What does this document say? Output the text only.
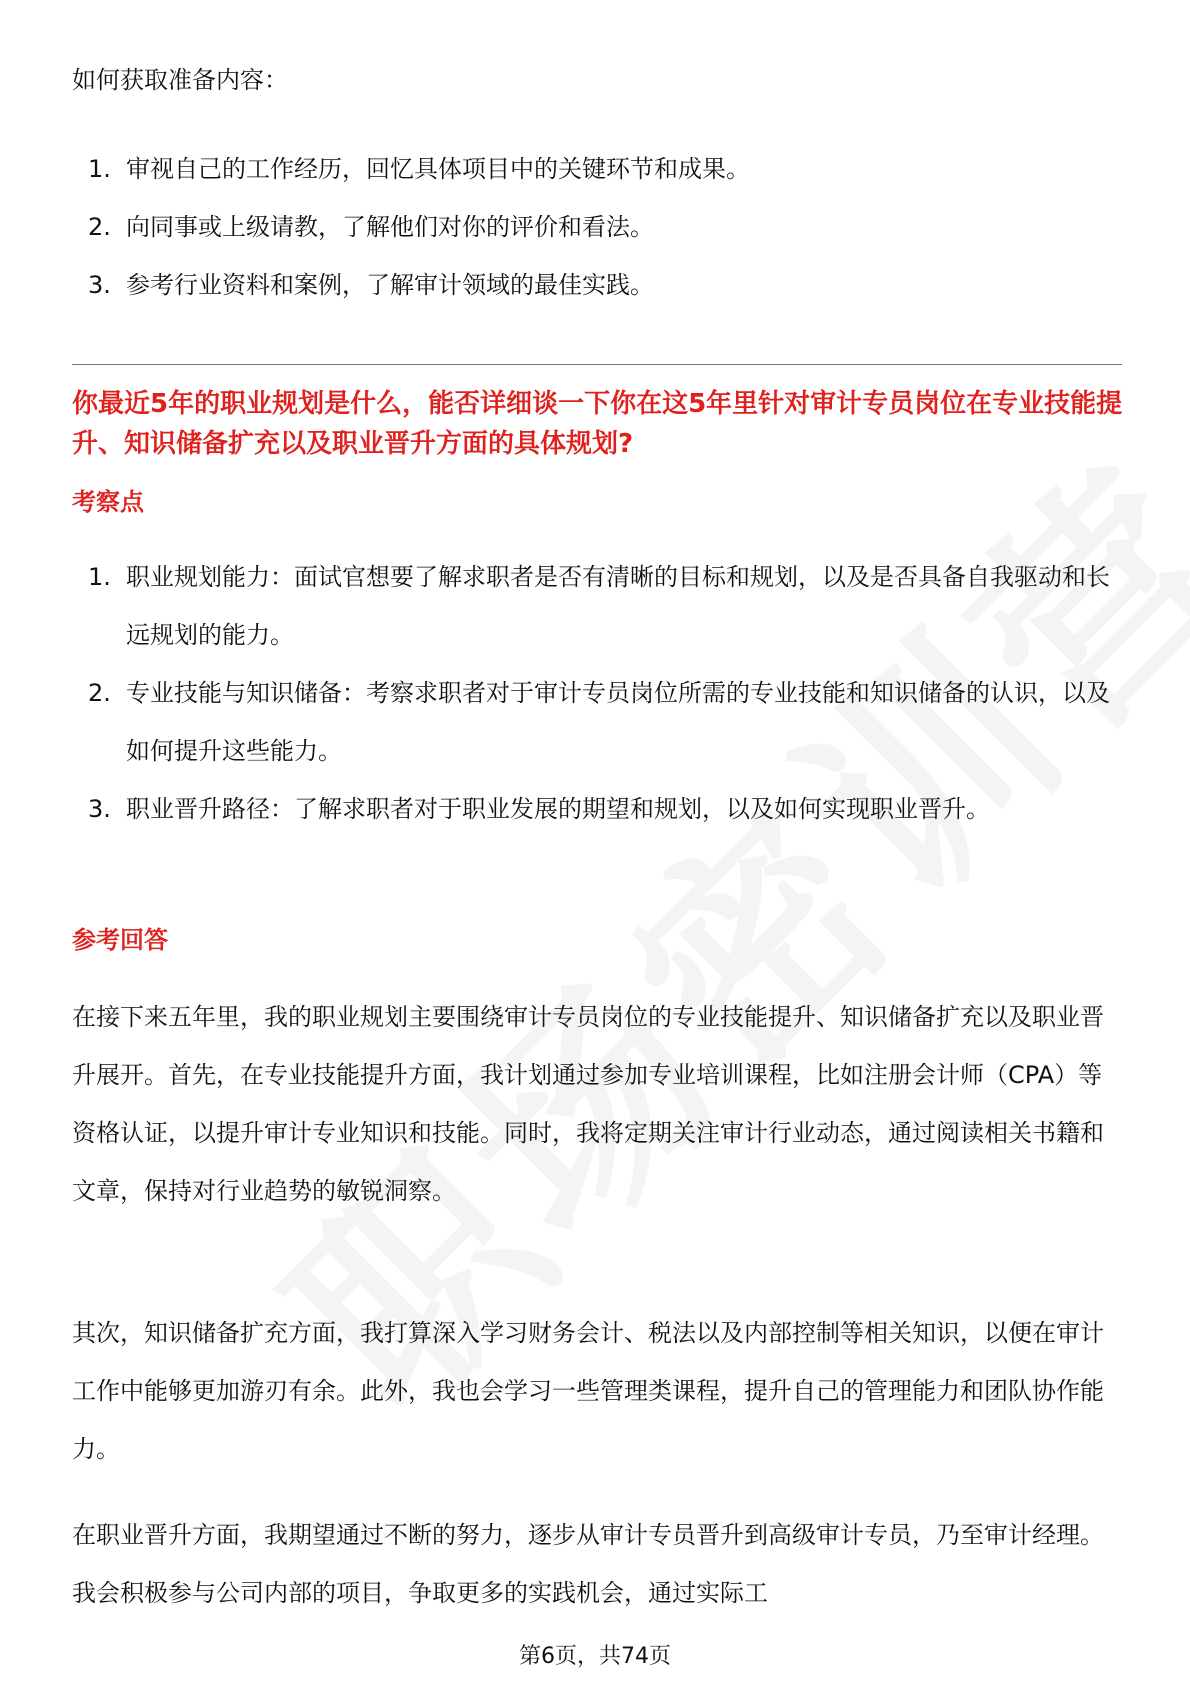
如何获取准备内容：
1. 审视自己的工作经历，回忆具体项目中的关键环节和成果。
2. 向同事或上级请教，了解他们对你的评价和看法。
3. 参考行业资料和案例，了解审计领域的最佳实践。
你最近5年的职业规划是什么，能否详细谈一下你在这5年里针对审计专员岗位在专业技能提升、知识储备扩充以及职业晋升方面的具体规划?
考察点
1. 职业规划能力：面试官想要了解求职者是否有清晰的目标和规划，以及是否具备自我驱动和长远规划的能力。
2. 专业技能与知识储备：考察求职者对于审计专员岗位所需的专业技能和知识储备的认识，以及如何提升这些能力。
3. 职业晋升路径：了解求职者对于职业发展的期望和规划，以及如何实现职业晋升。
参考回答

在接下来五年里，我的职业规划主要围绕审计专员岗位的专业技能提升、知识储备扩充以及职业晋升展开。首先，在专业技能提升方面，我计划通过参加专业培训课程，比如注册会计师（CPA）等资格认证，以提升审计专业知识和技能。同时，我将定期关注审计行业动态，通过阅读相关书籍和文章，保持对行业趋势的敏锐洞察。

其次，知识储备扩充方面，我打算深入学习财务会计、税法以及内部控制等相关知识，以便在审计工作中能够更加游刃有余。此外，我也会学习一些管理类课程，提升自己的管理能力和团队协作能力。

在职业晋升方面，我期望通过不断的努力，逐步从审计专员晋升到高级审计专员，乃至审计经理。我会积极参与公司内部的项目，争取更多的实践机会，通过实际工

第6页，共74页
